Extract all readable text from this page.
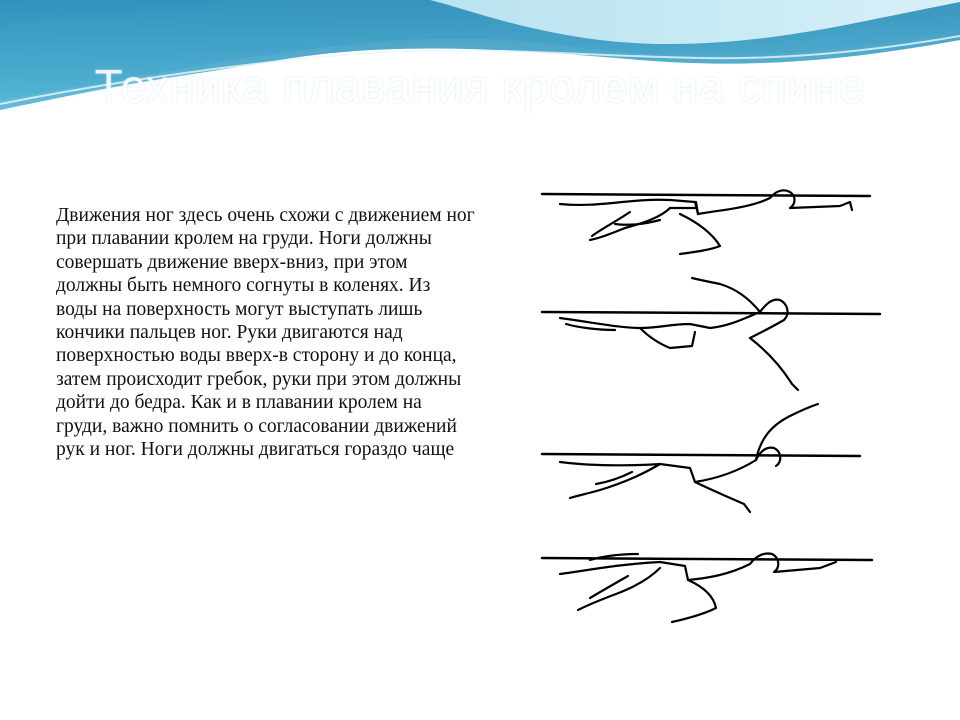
Техника плавания кролем на спине

Движения ног здесь очень схожи с движением ног при плавании кролем на груди. Ноги должны совершать движение вверх-вниз, при этом должны быть немного согнуты в коленях. Из воды на поверхность могут выступать лишь кончики пальцев ног. Руки двигаются над поверхностью воды вверх-в сторону и до конца, затем происходит гребок, руки при этом должны дойти до бедра. Как и в плавании кролем на груди, важно помнить о согласовании движений рук и ног. Ноги должны двигаться гораздо чаще
